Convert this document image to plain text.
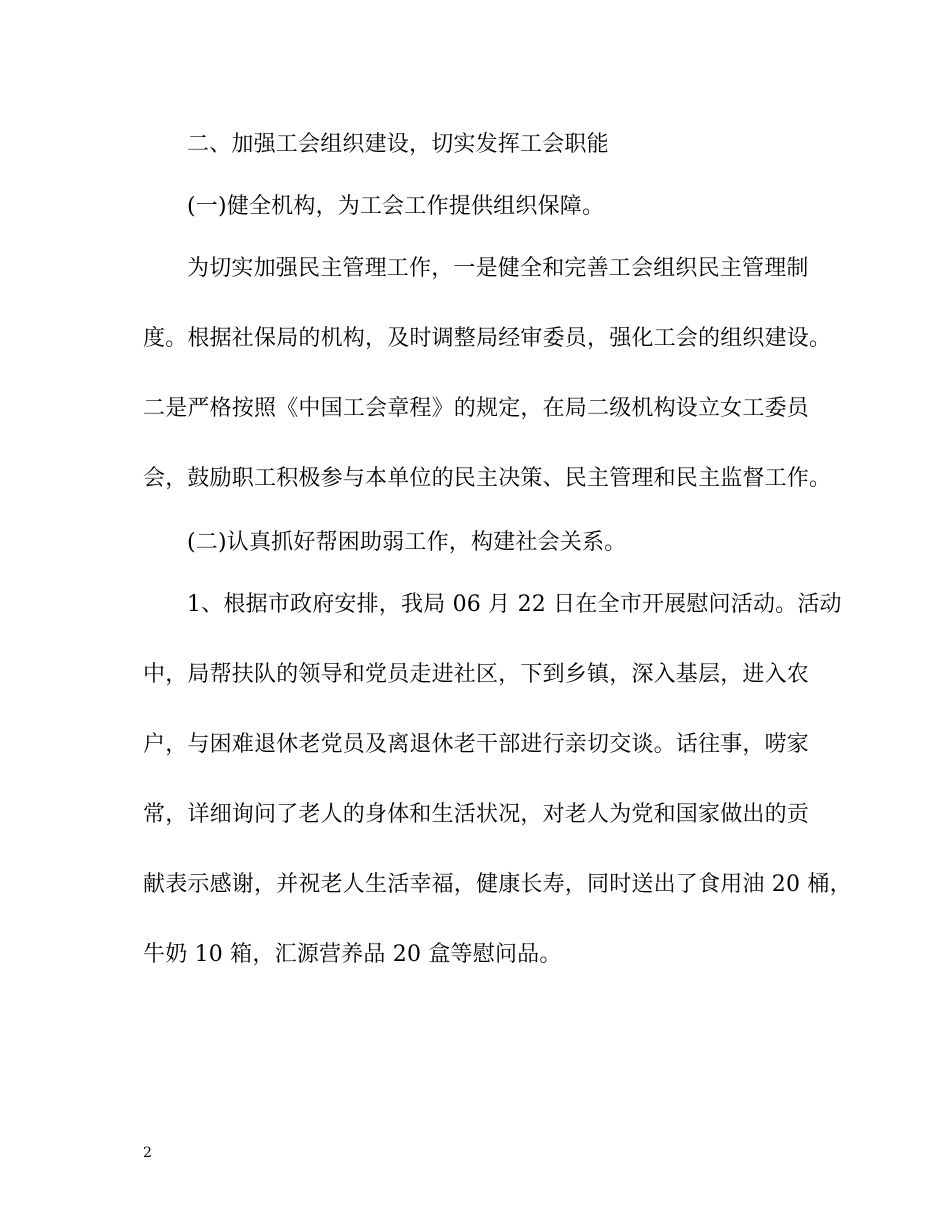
二、加强工会组织建设，切实发挥工会职能
(一)健全机构，为工会工作提供组织保障。
为切实加强民主管理工作，一是健全和完善工会组织民主管理制
度。根据社保局的机构，及时调整局经审委员，强化工会的组织建设。
二是严格按照《中国工会章程》的规定，在局二级机构设立女工委员
会，鼓励职工积极参与本单位的民主决策、民主管理和民主监督工作。
(二)认真抓好帮困助弱工作，构建社会关系。
1、根据市政府安排，我局 06 月 22 日在全市开展慰问活动。活动
中，局帮扶队的领导和党员走进社区，下到乡镇，深入基层，进入农
户，与困难退休老党员及离退休老干部进行亲切交谈。话往事，唠家
常，详细询问了老人的身体和生活状况，对老人为党和国家做出的贡
献表示感谢，并祝老人生活幸福，健康长寿，同时送出了食用油 20 桶，
牛奶 10 箱，汇源营养品 20 盒等慰问品。
2
